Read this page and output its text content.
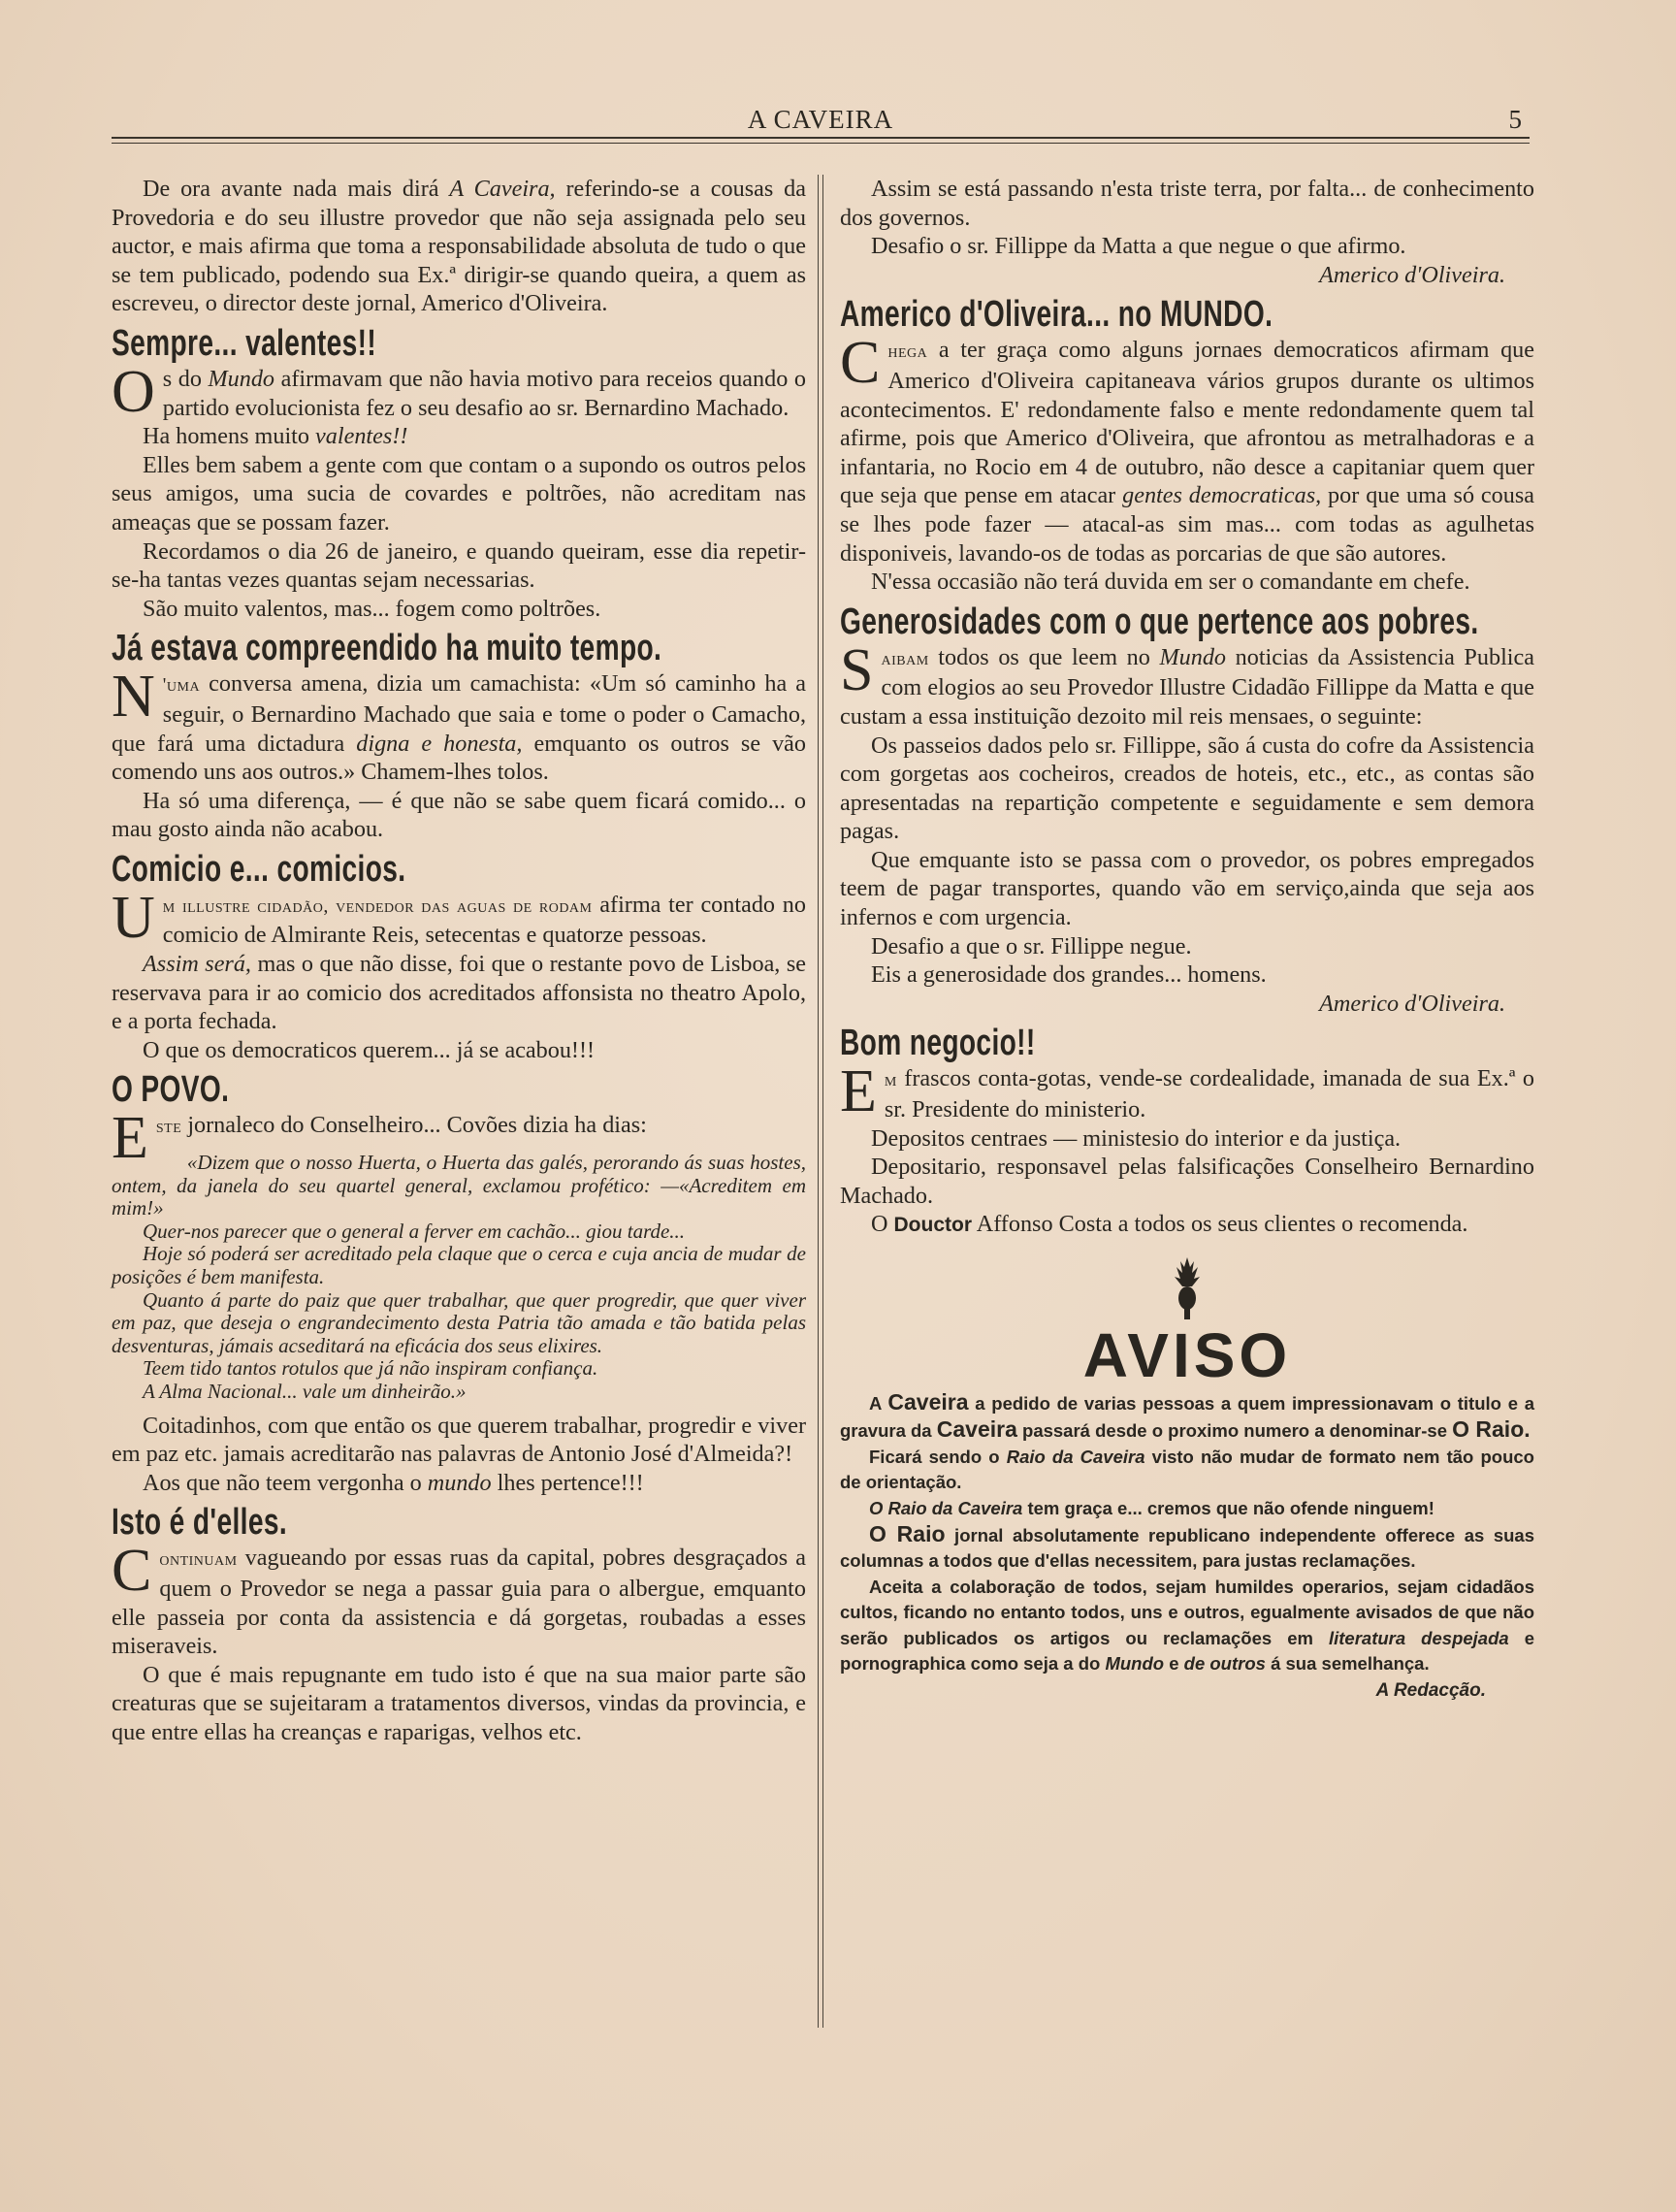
A CAVEIRA	5

De ora avante nada mais dirá A Caveira, referindo-se a cousas da Provedoria e do seu illustre provedor que não seja assignada pelo seu auctor, e mais afirma que toma a responsabilidade absoluta de tudo o que se tem publicado, podendo sua Ex.ª dirigir-se quando queira, a quem as escreveu, o director deste jornal, Americo d'Oliveira.

Sempre... valentes!!

Os do Mundo afirmavam que não havia motivo para receios quando o partido evolucionista fez o seu desafio ao sr. Bernardino Machado.

Ha homens muito valentes!!

Elles bem sabem a gente com que contam o a supondo os outros pelos seus amigos, uma sucia de covardes e poltrões, não acreditam nas ameaças que se possam fazer.

Recordamos o dia 26 de janeiro, e quando queiram, esse dia repetir-se-ha tantas vezes quantas sejam necessarias.

São muito valentos, mas... fogem como poltrões.

Já estava compreendido ha muito tempo.

N 'uma conversa amena, dizia um camachista: «Um só caminho ha a seguir, o Bernardino Machado que saia e tome o poder o Camacho, que fará uma dictadura digna e honesta, emquanto os outros se vão comendo uns aos outros.» Chamem-lhes tolos.

Ha só uma diferença, — é que não se sabe quem ficará comido... o mau gosto ainda não acabou.

Comicio e... comicios.

Um illustre cidadão, vendedor das aguas de rodam afirma ter contado no comicio de Almirante Reis, setecentas e quatorze pessoas.

Assim será, mas o que não disse, foi que o restante povo de Lisboa, se reservava para ir ao comicio dos acreditados affonsista no theatro Apolo, e a porta fechada.

O que os democraticos querem... já se acabou!!!

O POVO.

Este jornaleco do Conselheiro... Covões dizia ha dias:

«Dizem que o nosso Huerta, o Huerta das galés, perorando ás suas hostes, ontem, da janela do seu quartel general, exclamou profético: —«Acreditem em mim!»

Quer-nos parecer que o general a ferver em cachão... giou tarde...

Hoje só poderá ser acreditado pela claque que o cerca e cuja ancia de mudar de posições é bem manifesta.

Quanto á parte do paiz que quer trabalhar, que quer progredir, que quer viver em paz, que deseja o engrandecimento desta Patria tão amada e tão batida pelas desventuras, jámais acseditará na eficácia dos seus elixires.

Teem tido tantos rotulos que já não inspiram confiança.

A Alma Nacional... vale um dinheirão.»

Coitadinhos, com que então os que querem trabalhar, progredir e viver em paz etc. jamais acreditarão nas palavras de Antonio José d'Almeida?!

Aos que não teem vergonha o mundo lhes pertence!!!

Isto é d'elles.

Continuam vagueando por essas ruas da capital, pobres desgraçados a quem o Provedor se nega a passar guia para o albergue, emquanto elle passeia por conta da assistencia e dá gorgetas, roubadas a esses miseraveis.

O que é mais repugnante em tudo isto é que na sua maior parte são creaturas que se sujeitaram a tratamentos diversos, vindas da provincia, e que entre ellas ha creanças e raparigas, velhos etc.

Assim se está passando n'esta triste terra, por falta... de conhecimento dos governos.

Desafio o sr. Fillippe da Matta a que negue o que afirmo.

Americo d'Oliveira.

Americo d'Oliveira... no MUNDO.

Chega a ter graça como alguns jornaes democraticos afirmam que Americo d'Oliveira capitaneava vários grupos durante os ultimos acontecimentos. E' redondamente falso e mente redondamente quem tal afirme, pois que Americo d'Oliveira, que afrontou as metralhadoras e a infantaria, no Rocio em 4 de outubro, não desce a capitaniar quem quer que seja que pense em atacar gentes democraticas, por que uma só cousa se lhes pode fazer — atacal-as sim mas... com todas as agulhetas disponiveis, lavando-os de todas as porcarias de que são autores.

N'essa occasião não terá duvida em ser o comandante em chefe.

Generosidades com o que pertence aos pobres.

Saibam todos os que leem no Mundo noticias da Assistencia Publica com elogios ao seu Provedor Illustre Cidadão Fillippe da Matta e que custam a essa instituição dezoito mil reis mensaes, o seguinte:

Os passeios dados pelo sr. Fillippe, são á custa do cofre da Assistencia com gorgetas aos cocheiros, creados de hoteis, etc., etc., as contas são apresentadas na repartição competente e seguidamente e sem demora pagas.

Que emquante isto se passa com o provedor, os pobres empregados teem de pagar transportes, quando vão em serviço,ainda que seja aos infernos e com urgencia.

Desafio a que o sr. Fillippe negue.

Eis a generosidade dos grandes... homens.

Americo d'Oliveira.

Bom negocio!!

Em frascos conta-gotas, vende-se cordealidade, imanada de sua Ex.ª o sr. Presidente do ministerio.

Depositos centraes — ministesio do interior e da justiça.

Depositario, responsavel pelas falsificações Conselheiro Bernardino Machado.

O Douctor Affonso Costa a todos os seus clientes o recomenda.

AVISO

A Caveira a pedido de varias pessoas a quem impressionavam o titulo e a gravura da Caveira passará desde o proximo numero a denominar-se O Raio.

Ficará sendo o Raio da Caveira visto não mudar de formato nem tão pouco de orientação.

O Raio da Caveira tem graça e... cremos que não ofende ninguem!

O Raio jornal absolutamente republicano independente offerece as suas columnas a todos que d'ellas necessitem, para justas reclamações.

Aceita a colaboração de todos, sejam humildes operarios, sejam cidadãos cultos, ficando no entanto todos, uns e outros, egualmente avisados de que não serão publicados os artigos ou reclamações em literatura despejada e pornographica como seja a do Mundo e de outros á sua semelhança.

A Redacção.
